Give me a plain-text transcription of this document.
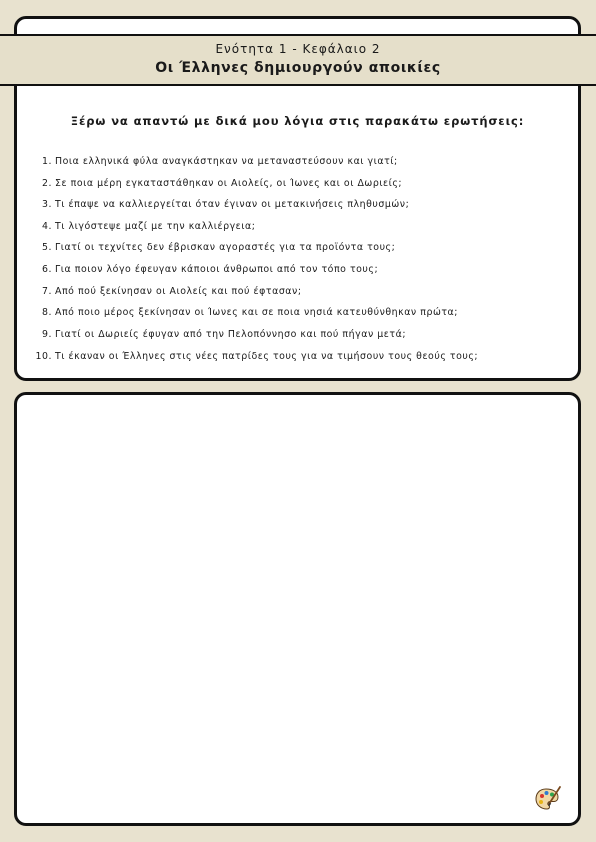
Ενότητα 1 - Κεφάλαιο 2
Οι Έλληνες δημιουργούν αποικίες
Ξέρω να απαντώ με δικά μου λόγια στις παρακάτω ερωτήσεις:
1. Ποια ελληνικά φύλα αναγκάστηκαν να μεταναστεύσουν και γιατί;
2. Σε ποια μέρη εγκαταστάθηκαν οι Αιολείς, οι Ίωνες και οι Δωριείς;
3. Τι έπαψε να καλλιεργείται όταν έγιναν οι μετακινήσεις πληθυσμών;
4. Τι λιγόστεψε μαζί με την καλλιέργεια;
5. Γιατί οι τεχνίτες δεν έβρισκαν αγοραστές για τα προϊόντα τους;
6. Για ποιον λόγο έφευγαν κάποιοι άνθρωποι από τον τόπο τους;
7. Από πού ξεκίνησαν οι Αιολείς και πού έφτασαν;
8. Από ποιο μέρος ξεκίνησαν οι Ίωνες και σε ποια νησιά κατευθύνθηκαν πρώτα;
9. Γιατί οι Δωριείς έφυγαν από την Πελοπόννησο και πού πήγαν μετά;
10. Τι έκαναν οι Έλληνες στις νέες πατρίδες τους για να τιμήσουν τους θεούς τους;
